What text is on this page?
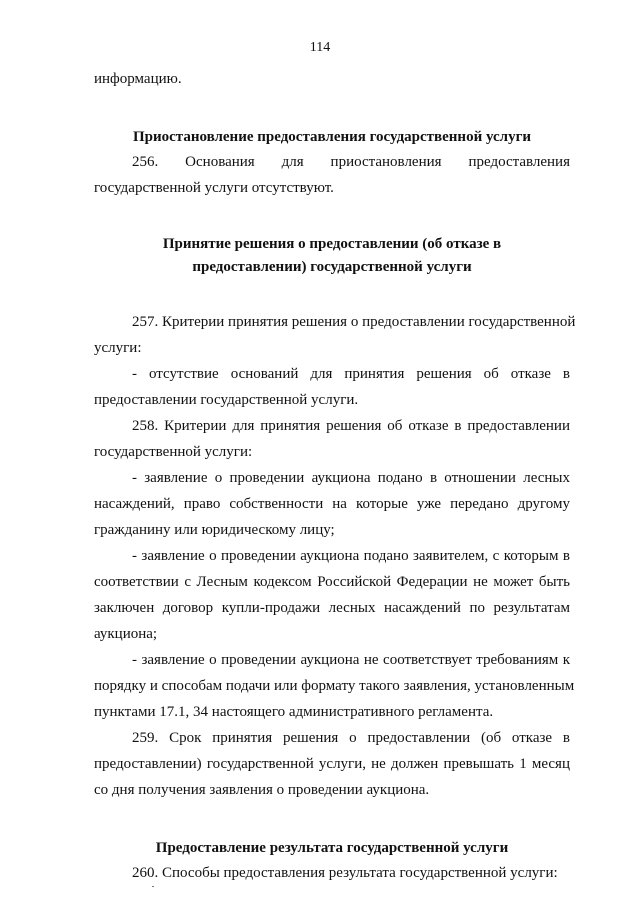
114
информацию.
Приостановление предоставления государственной услуги
256. Основания для приостановления предоставления
государственной услуги отсутствуют.
Принятие решения о предоставлении (об отказе в
предоставлении) государственной услуги
257. Критерии принятия решения о предоставлении государственной
услуги:
- отсутствие оснований для принятия решения об отказе в
предоставлении государственной услуги.
258. Критерии для принятия решения об отказе в предоставлении
государственной услуги:
- заявление о проведении аукциона подано в отношении лесных
насаждений, право собственности на которые уже передано другому
гражданину или юридическому лицу;
- заявление о проведении аукциона подано заявителем, с которым в
соответствии с Лесным кодексом Российской Федерации не может быть
заключен договор купли-продажи лесных насаждений по результатам
аукциона;
- заявление о проведении аукциона не соответствует требованиям к
порядку и способам подачи или формату такого заявления, установленным
пунктами 17.1, 34 настоящего административного регламента.
259. Срок принятия решения о предоставлении (об отказе в
предоставлении) государственной услуги, не должен превышать 1 месяц
со дня получения заявления о проведении аукциона.
Предоставление результата государственной услуги
260. Способы предоставления результата государственной услуги:
